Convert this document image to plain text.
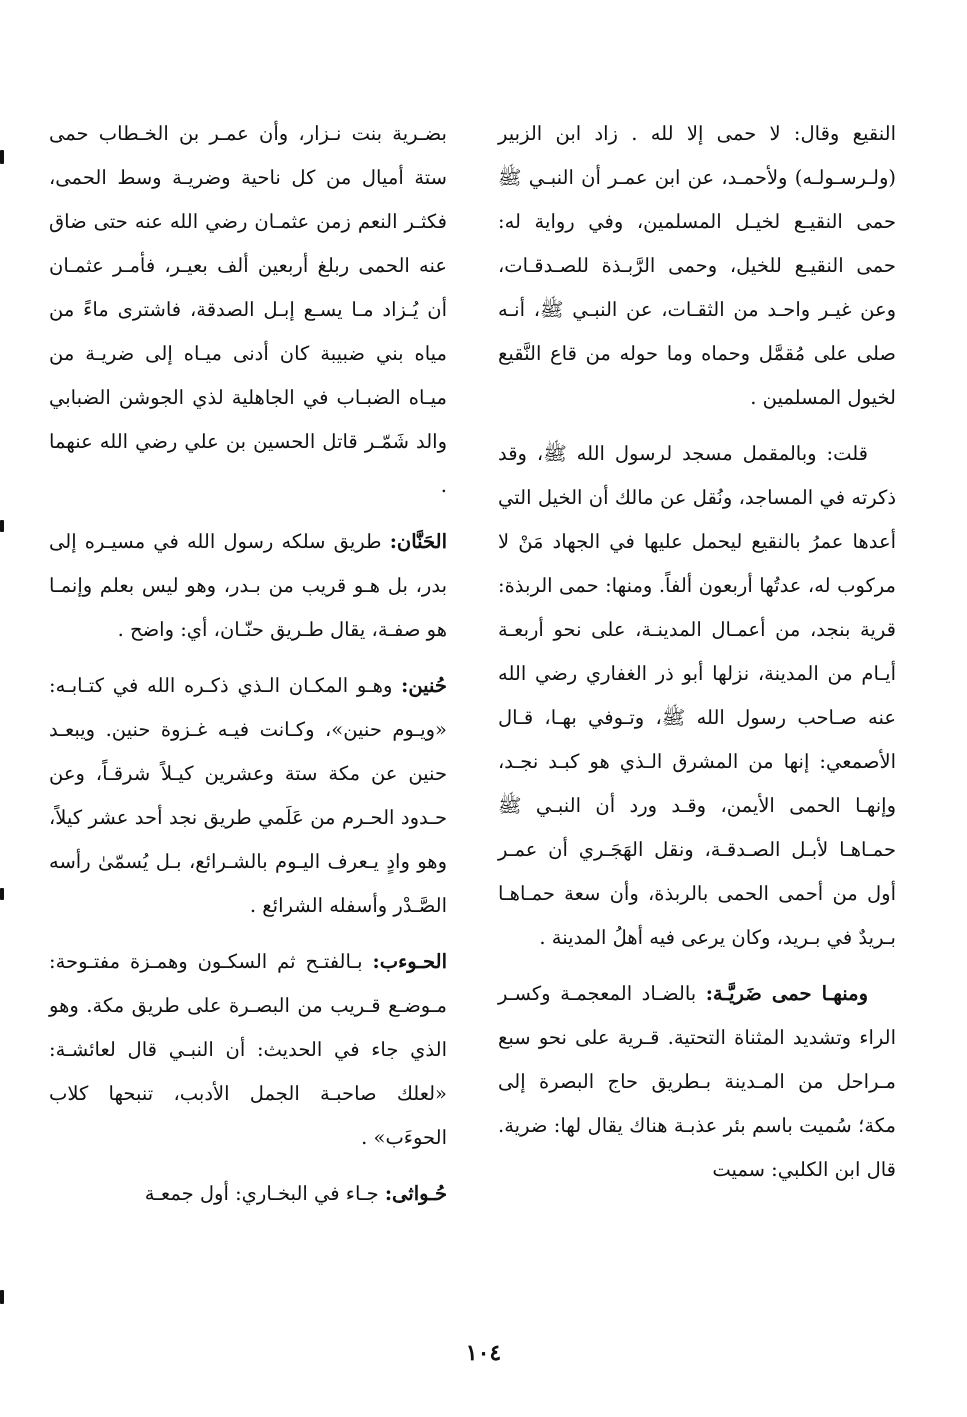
النقيع وقال: لا حمى إلا لله . زاد ابن الزبير (ولـرسـولـه) ولأحمـد، عن ابن عمـر أن النبـي ﷺ حمى النقيـع لخيـل المسلمين، وفي رواية له: حمى النقيـع للخيل، وحمى الرَّبـذة للصـدقـات، وعن غيـر واحـد من الثقـات، عن النبـي ﷺ، أنـه صلى على مُقمَّل وحماه وما حوله من قاع النَّقيع لخيول المسلمين .

قلت: وبالمقمل مسجد لرسول الله ﷺ، وقد ذكرته في المساجد، ونُقل عن مالك أن الخيل التي أعدها عمرُ بالنقيع ليحمل عليها في الجهاد مَنْ لا مركوب له، عدتُها أربعون ألفاً. ومنها: حمى الربذة: قرية بنجد، من أعمـال المدينـة، على نحو أربعـة أيـام من المدينة، نزلها أبو ذر الغفاري رضي الله عنه صـاحب رسول الله ﷺ، وتـوفي بهـا، قـال الأصمعي: إنها من المشرق الـذي هو كبـد نجـد، وإنهـا الحمى الأيمن، وقـد ورد أن النبـي ﷺ حمـاهـا لأبـل الصـدقـة، ونقل الهَجَـري أن عمـر أول من أحمى الحمى بالربذة، وأن سعة حمـاهـا بـريدٌ في بـريد، وكان يرعى فيه أهلُ المدينة .

ومنهـا حمى ضَريَّـة: بالضـاد المعجمـة وكسـر الراء وتشديد المثناة التحتية. قـرية على نحو سبع مـراحل من المـدينة بـطريق حاج البصرة إلى مكة؛ سُميت باسم بئر عذبـة هناك يقال لها: ضرية. قال ابن الكلبي: سميت

بضـرية بنت نـزار، وأن عمـر بن الخـطاب حمى ستة أميال من كل ناحية وضريـة وسط الحمى، فكثـر النعم زمن عثمـان رضي الله عنه حتى ضاق عنه الحمى ربلغ أربعين ألف بعيـر، فأمـر عثمـان أن يُـزاد مـا يسـع إبـل الصدقة، فاشترى ماءً من مياه بني ضبيبة كان أدنى ميـاه إلى ضريـة من ميـاه الضبـاب في الجاهلية لذي الجوشن الضبابي والد شَمّـر قاتل الحسين بن علي رضي الله عنهما .

الحَنَّان: طريق سلكه رسول الله في مسيـره إلى بدر، بل هـو قريب من بـدر، وهو ليس بعلم وإنمـا هو صفـة، يقال طـريق حنّـان، أي: واضح .

حُنين: وهـو المكـان الـذي ذكـره الله في كتـابـه: «ويـوم حنين»، وكـانت فيـه غـزوة حنين. ويبعـد حنين عن مكة ستة وعشرين كيـلاً شرقـاً، وعن حـدود الحـرم من عَلَمي طريق نجد أحد عشر كيلاً، وهو وادٍ يـعرف اليـوم بالشـرائع، بـل يُسمّىٰ رأسه الصَّـدْر وأسفله الشرائع .

الحـوءب: بـالفتـح ثم السكـون وهمـزة مفتـوحة: مـوضـع قـريب من البصـرة على طريق مكة. وهو الذي جاء في الحديث: أن النبـي قال لعائشـة: «لعلك صاحبـة الجمل الأدبب، تنبحها كلاب الحوءَب» .

حُـواثى: جـاء في البخـاري: أول جمعـة

١٠٤
